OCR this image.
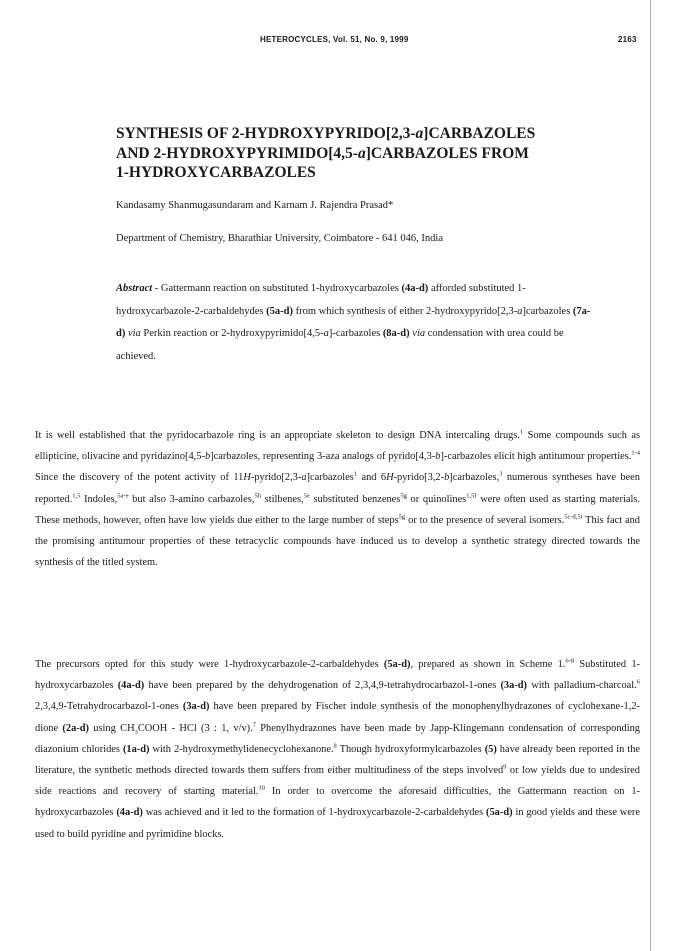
HETEROCYCLES, Vol. 51, No. 9, 1999	2163
SYNTHESIS OF 2-HYDROXYPYRIDO[2,3-a]CARBAZOLES
AND 2-HYDROXYPYRIMIDO[4,5-a]CARBAZOLES FROM
1-HYDROXYCARBAZOLES
Kandasamy Shanmugasundaram and Karnam J. Rajendra Prasad*
Department of Chemistry, Bharathiar University, Coimbatore - 641 046, India

Abstract - Gattermann reaction on substituted 1-hydroxycarbazoles (4a-d) afforded substituted 1-hydroxycarbazole-2-carbaldehydes (5a-d) from which synthesis of either 2-hydroxypyrido[2,3-a]carbazoles (7a-d) via Perkin reaction or 2-hydroxypyrimido[4,5-a]-carbazoles (8a-d) via condensation with urea could be achieved.

It is well established that the pyridocarbazole ring is an appropriate skeleton to design DNA intercaling drugs.$^1$ Some compounds such as ellipticine, olivacine and pyridazino[4,5-b]carbazoles, representing 3-aza analogs of pyrido[4,3-b]-carbazoles elicit high antitumour properties.$^{1-4}$ Since the discovery of the potent activity of 11H-pyrido[2,3-a]carbazoles$^1$ and 6H-pyrido[3,2-b]carbazoles,$^3$ numerous syntheses have been reported.$^{1,5}$ Indoles,$^{5a-e}$ but also 3-amino carbazoles,$^{5h}$ stilbenes,$^{5e}$ substituted benzenes$^{5g}$ or quinolines$^{1,5f}$ were often used as starting materials. These methods, however, often have low yields due either to the large number of steps$^{5g}$ or to the presence of several isomers.$^{5c-d,5i}$ This fact and the promising antitumour properties of these tetracyclic compounds have induced us to develop a synthetic strategy directed towards the synthesis of the titled system.

The precursors opted for this study were 1-hydroxycarbazole-2-carbaldehydes (5a-d), prepared as shown in Scheme 1.$^{6-8}$ Substituted 1-hydroxycarbazoles (4a-d) have been prepared by the dehydrogenation of 2,3,4,9-tetrahydrocarbazol-1-ones (3a-d) with palladium-charcoal.$^6$ 2,3,4,9-Tetrahydrocarbazol-1-ones (3a-d) have been prepared by Fischer indole synthesis of the monophenylhydrazones of cyclohexane-1,2-dione (2a-d) using $CH_3COOH$ - HCl (3 : 1, v/v).$^7$ Phenylhydrazones have been made by Japp-Klingemann condensation of corresponding diazonium chlorides (1a-d) with 2-hydroxymethylidenecyclohexanone.$^8$ Though hydroxyformylcarbazoles (5) have already been reported in the literature, the synthetic methods directed towards them suffers from either multitudiness of the steps involved$^9$ or low yields due to undesired side reactions and recovery of starting material.$^{10}$ In order to overcome the aforesaid difficulties, the Gattermann reaction on 1-hydroxycarbazoles (4a-d) was achieved and it led to the formation of 1-hydroxycarbazole-2-carbaldehydes (5a-d) in good yields and these were used to build pyridine and pyrimidine blocks.
